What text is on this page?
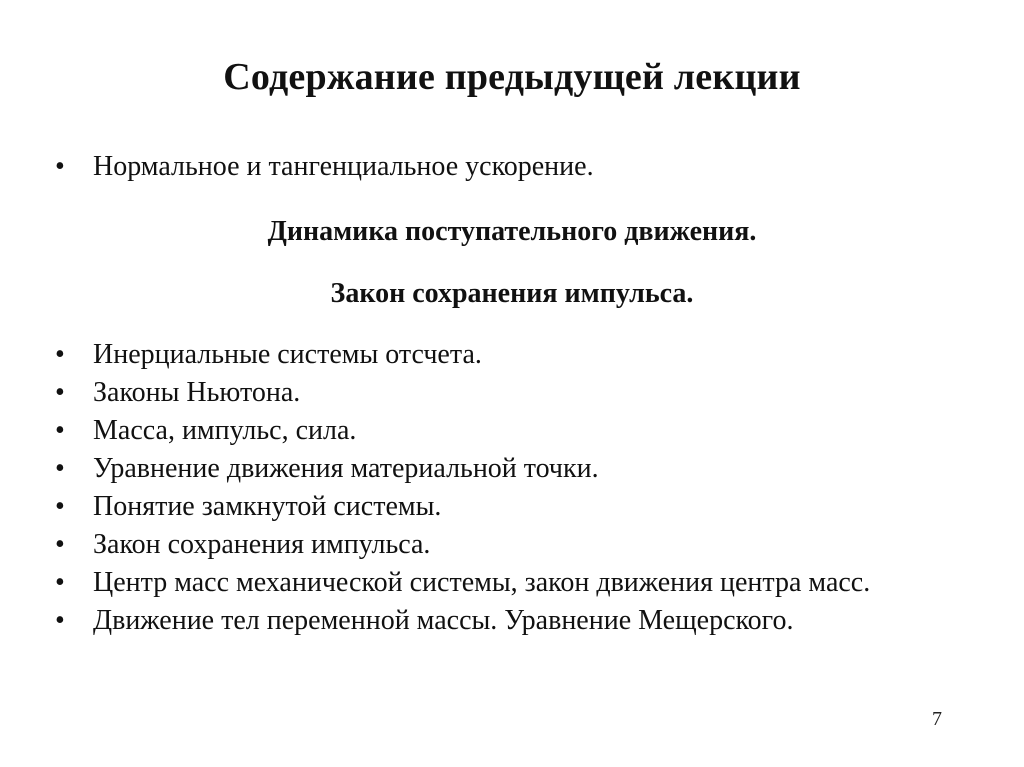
Содержание предыдущей лекции
•	Нормальное и тангенциальное ускорение.
Динамика поступательного движения.
Закон сохранения импульса.
• Инерциальные системы отсчета.
• Законы Ньютона.
• Масса, импульс, сила.
• Уравнение движения материальной точки.
• Понятие замкнутой системы.
• Закон сохранения импульса.
• Центр масс механической системы, закон движения центра масс.
• Движение тел переменной массы. Уравнение Мещерского.
7
